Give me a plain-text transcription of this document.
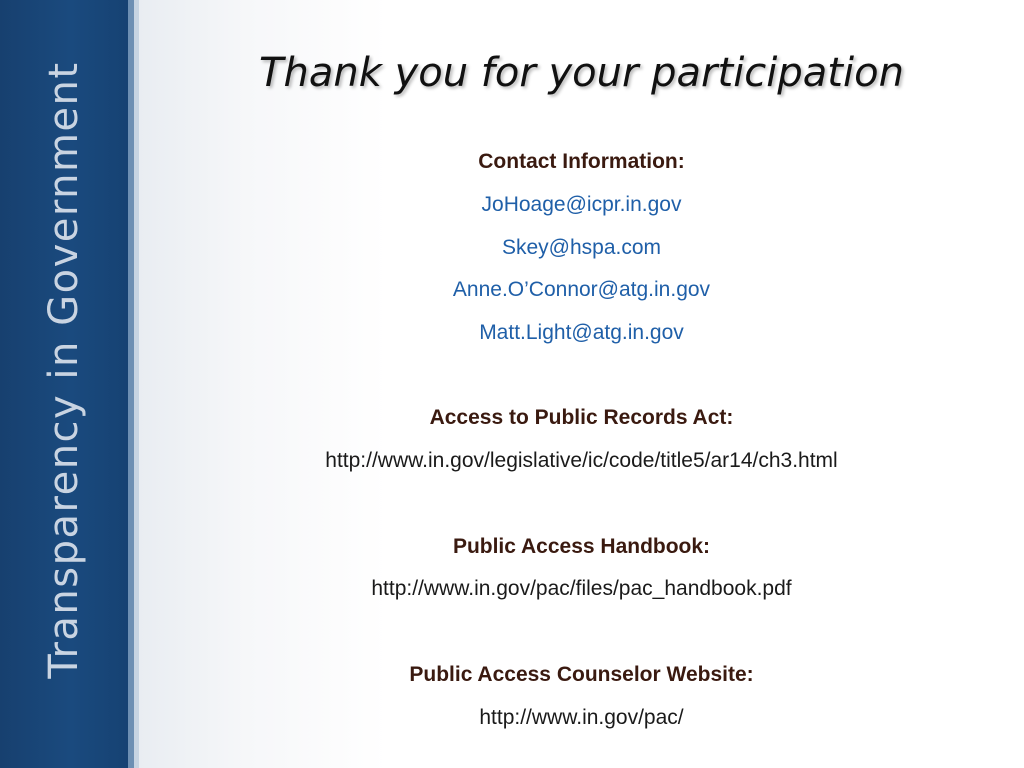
Transparency in Government	Thank you for your participation
Contact Information:
JoHoage@icpr.in.gov
Skey@hspa.com
Anne.O’Connor@atg.in.gov
Matt.Light@atg.in.gov
Access to Public Records Act:
http://www.in.gov/legislative/ic/code/title5/ar14/ch3.html
Public Access Handbook:
http://www.in.gov/pac/files/pac_handbook.pdf
Public Access Counselor Website:
http://www.in.gov/pac/
